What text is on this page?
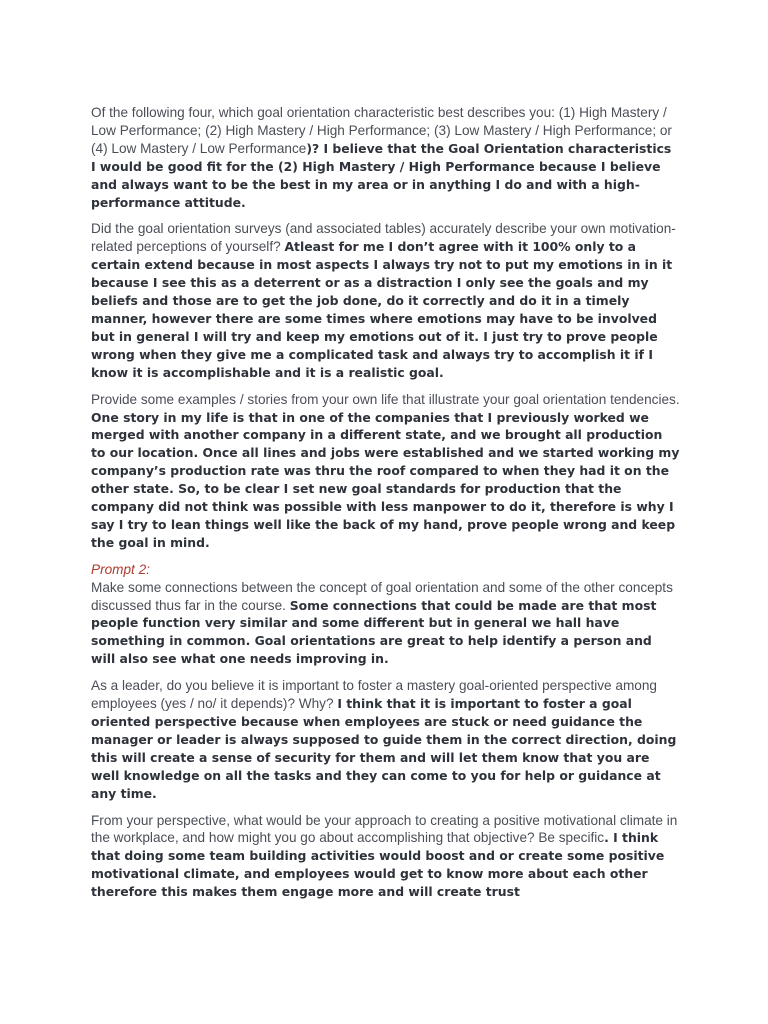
Of the following four, which goal orientation characteristic best describes you: (1) High Mastery / Low Performance; (2) High Mastery / High Performance; (3) Low Mastery / High Performance; or (4) Low Mastery / Low Performance)? I believe that the Goal Orientation characteristics I would be good fit for the (2) High Mastery / High Performance because I believe and always want to be the best in my area or in anything I do and with a high-performance attitude.

Did the goal orientation surveys (and associated tables) accurately describe your own motivation-related perceptions of yourself? Atleast for me I don’t agree with it 100% only to a certain extend because in most aspects I always try not to put my emotions in in it because I see this as a deterrent or as a distraction I only see the goals and my beliefs and those are to get the job done, do it correctly and do it in a timely manner, however there are some times where emotions may have to be involved but in general I will try and keep my emotions out of it. I just try to prove people wrong when they give me a complicated task and always try to accomplish it if I know it is accomplishable and it is a realistic goal.

Provide some examples / stories from your own life that illustrate your goal orientation tendencies. One story in my life is that in one of the companies that I previously worked we merged with another company in a different state, and we brought all production to our location. Once all lines and jobs were established and we started working my company’s production rate was thru the roof compared to when they had it on the other state. So, to be clear I set new goal standards for production that the company did not think was possible with less manpower to do it, therefore is why I say I try to lean things well like the back of my hand, prove people wrong and keep the goal in mind.

Prompt 2:
Make some connections between the concept of goal orientation and some of the other concepts discussed thus far in the course. Some connections that could be made are that most people function very similar and some different but in general we hall have something in common. Goal orientations are great to help identify a person and will also see what one needs improving in.

As a leader, do you believe it is important to foster a mastery goal-oriented perspective among employees (yes / no/ it depends)? Why? I think that it is important to foster a goal oriented perspective because when employees are stuck or need guidance the manager or leader is always supposed to guide them in the correct direction, doing this will create a sense of security for them and will let them know that you are well knowledge on all the tasks and they can come to you for help or guidance at any time.

From your perspective, what would be your approach to creating a positive motivational climate in the workplace, and how might you go about accomplishing that objective? Be specific. I think that doing some team building activities would boost and or create some positive motivational climate, and employees would get to know more about each other therefore this makes them engage more and will create trust
